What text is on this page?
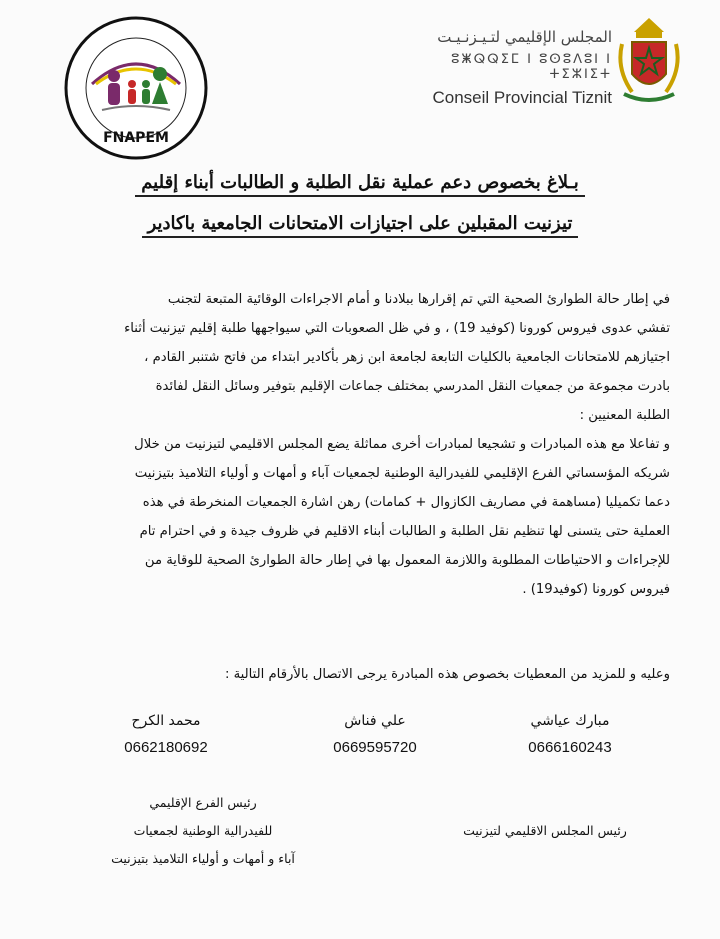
FNAPEM
المجلس الإقليمي لتـيـزنـيـت
ⵓⵥⵕⵕⵉⵎ ⵏ ⵓⵙⵓⴷⵓⵏ ⵏ ⵜⵉⵣⵏⵉⵜ
Conseil Provincial Tiznit
بـلاغ بخصوص دعم عملية نقل الطلبة و الطالبات أبناء إقليم
تيزنيت المقبلين على اجتيازات الامتحانات الجامعية باكادير

في إطار حالة الطوارئ الصحية التي تم إقرارها ببلادنا و أمام الاجراءات الوقائية المتبعة لتجنب

تفشي عدوى فيروس كورونا (كوفيد 19) ، و في ظل الصعوبات التي سيواجهها طلبة إقليم تيزنيت أثناء

اجتيازهم للامتحانات الجامعية بالكليات التابعة لجامعة ابن زهر بأكادير ابتداء من فاتح شتنبر القادم ،

بادرت مجموعة من جمعيات النقل المدرسي بمختلف جماعات الإقليم بتوفير وسائل النقل لفائدة

الطلبة المعنيين :

و تفاعلا مع هذه المبادرات و تشجيعا لمبادرات أخرى مماثلة يضع المجلس الاقليمي لتيزنيت من خلال

شريكه المؤسساتي الفرع الإقليمي للفيدرالية الوطنية لجمعيات آباء و أمهات و أولياء التلاميذ بتيزنيت

دعما تكميليا (مساهمة في مصاريف الكازوال + كمامات) رهن اشارة الجمعيات المنخرطة في هذه

العملية حتى يتسنى لها تنظيم نقل الطلبة و الطالبات أبناء الاقليم في ظروف جيدة و في احترام تام

للإجراءات و الاحتياطات المطلوبة واللازمة المعمول بها في إطار حالة الطوارئ الصحية للوقاية من

فيروس كورونا (كوفيد19) .

وعليه و للمزيد من المعطيات بخصوص هذه المبادرة يرجى الاتصال بالأرقام التالية :

مبارك عياشي
0666160243
علي فناش
0669595720
محمد الكرح
0662180692
رئيس المجلس الاقليمي لتيزنيت
رئيس الفرع الإقليمي
للفيدرالية الوطنية لجمعيات
آباء و أمهات و أولياء التلاميذ بتيزنيت
